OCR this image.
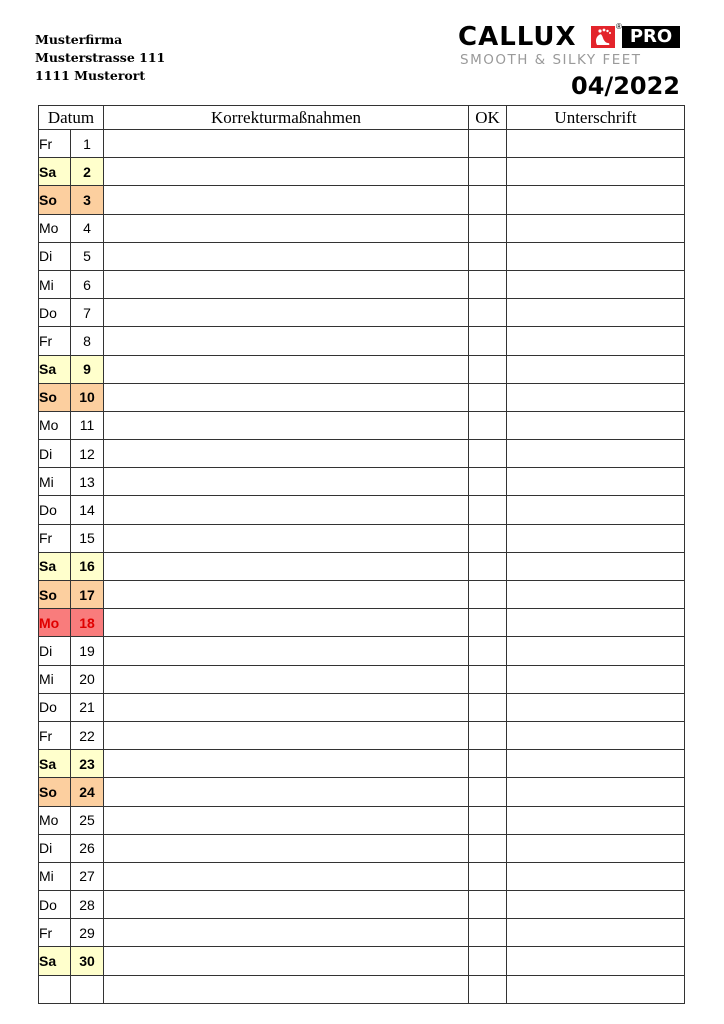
Musterfirma
Musterstrasse 111
1111 Musterort
CALLUX	® PRO
SMOOTH & SILKY FEET
04/2022
Datum		Korrekturmaßnahmen	OK	Unterschrift
Fr	1			
Sa	2			
So	3			
Mo	4			
Di	5			
Mi	6			
Do	7			
Fr	8			
Sa	9			
So	10			
Mo	11			
Di	12			
Mi	13			
Do	14			
Fr	15			
Sa	16			
So	17			
Mo	18			
Di	19			
Mi	20			
Do	21			
Fr	22			
Sa	23			
So	24			
Mo	25			
Di	26			
Mi	27			
Do	28			
Fr	29			
Sa	30			
